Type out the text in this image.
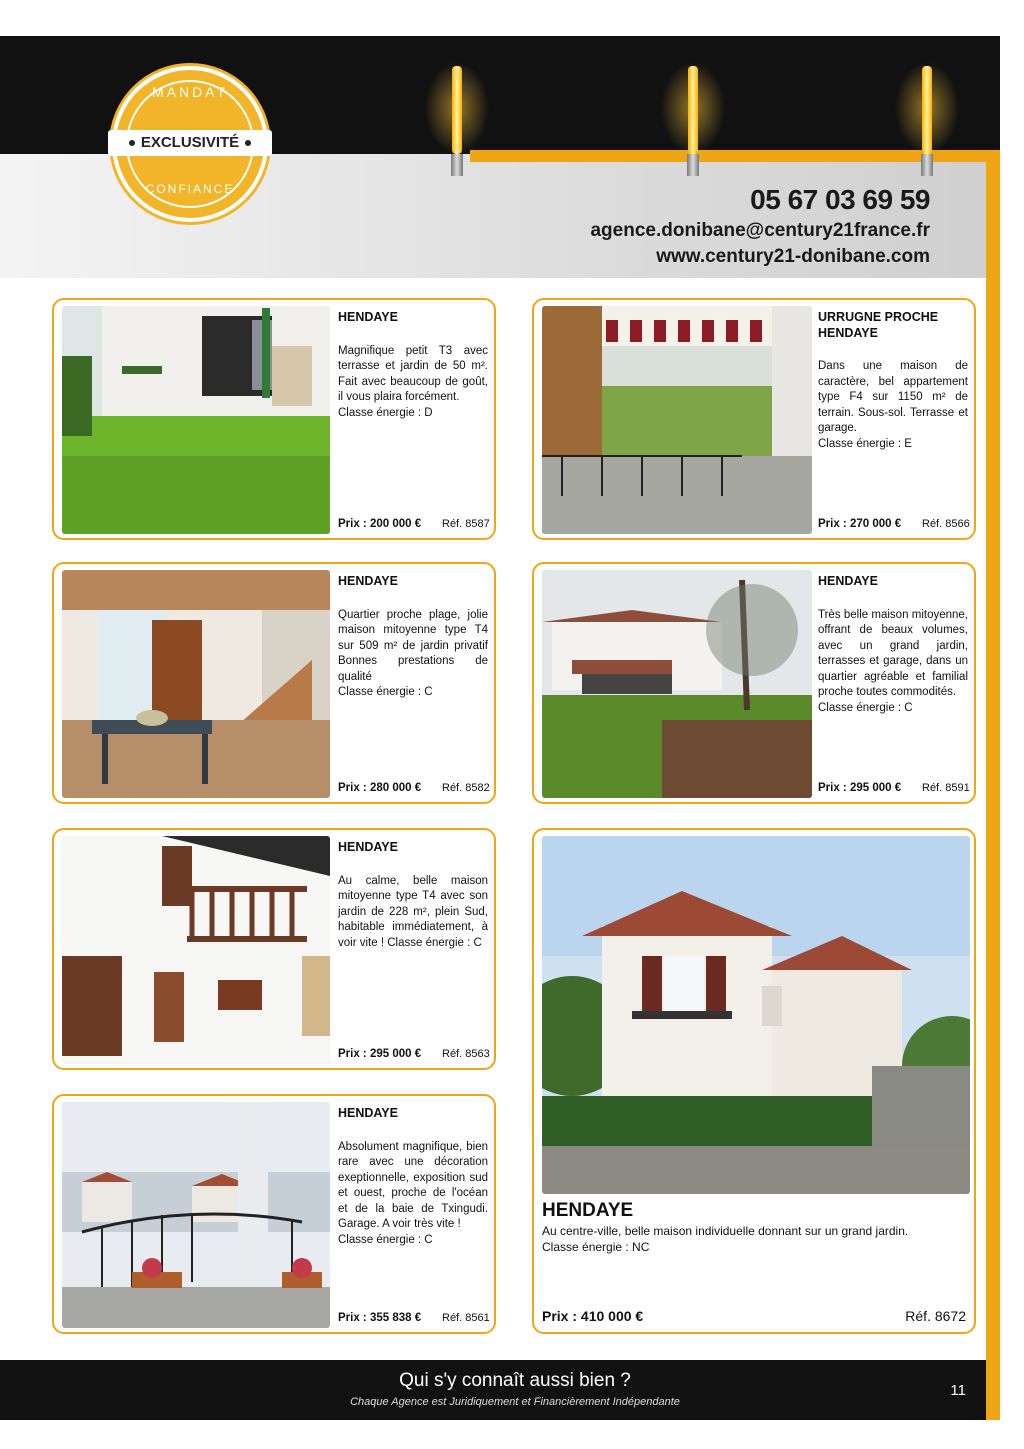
MANDAT
EXCLUSIVITÉ
CONFIANCE	05 67 03 69 59
agence.donibane@century21france.fr
www.century21-donibane.com
HENDAYE
Magnifique petit T3 avec terrasse et jardin de 50 m². Fait avec beaucoup de goût, il vous plaira forcément.
Classe énergie : D
Prix : 200 000 € Réf. 8587
URRUGNE PROCHE HENDAYE
Dans une maison de caractère, bel appartement type F4 sur 1150 m² de terrain. Sous-sol. Terrasse et garage.
Classe énergie : E
Prix : 270 000 € Réf. 8566
HENDAYE
Quartier proche plage, jolie maison mitoyenne type T4 sur 509 m² de jardin privatif Bonnes prestations de qualité
Classe énergie : C
Prix : 280 000 € Réf. 8582
HENDAYE
Très belle maison mitoyenne, offrant de beaux volumes, avec un grand jardin, terrasses et garage, dans un quartier agréable et familial proche toutes commodités.
Classe énergie : C
Prix : 295 000 € Réf. 8591
HENDAYE
Au calme, belle maison mitoyenne type T4 avec son jardin de 228 m², plein Sud, habitable immédiatement, à voir vite ! Classe énergie : C
Prix : 295 000 € Réf. 8563
HENDAYE
Absolument magnifique, bien rare avec une décoration exeptionnelle, exposition sud et ouest, proche de l'océan et de la baie de Txingudi. Garage. A voir très vite !
Classe énergie : C
Prix : 355 838 € Réf. 8561
HENDAYE
Au centre-ville, belle maison individuelle donnant sur un grand jardin.
Classe énergie : NC
Prix : 410 000 €	Réf. 8672
Qui s'y connaît aussi bien ?
Chaque Agence est Juridiquement et Financièrement Indépendante
11
